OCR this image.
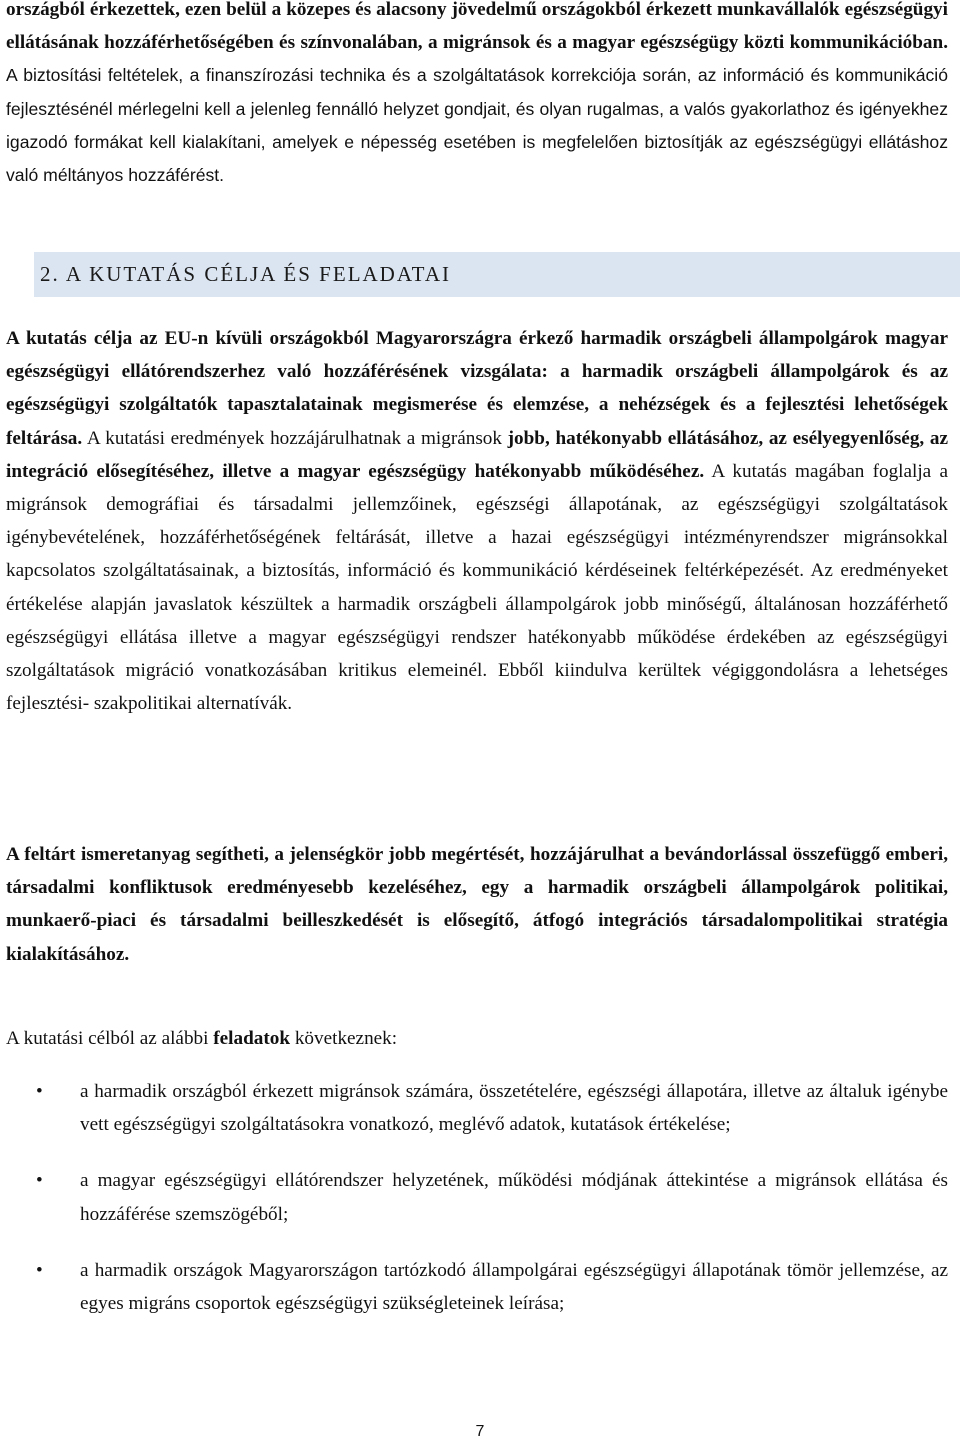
országból érkezettek, ezen belül a közepes és alacsony jövedelmű országokból érkezett munkavállalók egészségügyi ellátásának hozzáférhetőségében és színvonalában, a migránsok és a magyar egészségügy közti kommunikációban. A biztosítási feltételek, a finanszírozási technika és a szolgáltatások korrekciója során, az információ és kommunikáció fejlesztésénél mérlegelni kell a jelenleg fennálló helyzet gondjait, és olyan rugalmas, a valós gyakorlathoz és igényekhez igazodó formákat kell kialakítani, amelyek e népesség esetében is megfelelően biztosítják az egészségügyi ellátáshoz való méltányos hozzáférést.

2. A KUTATÁS CÉLJA ÉS FELADATAI

A kutatás célja az EU-n kívüli országokból Magyarországra érkező harmadik országbeli állampolgárok magyar egészségügyi ellátórendszerhez való hozzáférésének vizsgálata: a harmadik országbeli állampolgárok és az egészségügyi szolgáltatók tapasztalatainak megismerése és elemzése, a nehézségek és a fejlesztési lehetőségek feltárása. A kutatási eredmények hozzájárulhatnak a migránsok jobb, hatékonyabb ellátásához, az esélyegyenlőség, az integráció elősegítéséhez, illetve a magyar egészségügy hatékonyabb működéséhez. A kutatás magában foglalja a migránsok demográfiai és társadalmi jellemzőinek, egészségi állapotának, az egészségügyi szolgáltatások igénybevételének, hozzáférhetőségének feltárását, illetve a hazai egészségügyi intézményrendszer migránsokkal kapcsolatos szolgáltatásainak, a biztosítás, információ és kommunikáció kérdéseinek feltérképezését. Az eredményeket értékelése alapján javaslatok készültek a harmadik országbeli állampolgárok jobb minőségű, általánosan hozzáférhető egészségügyi ellátása illetve a magyar egészségügyi rendszer hatékonyabb működése érdekében az egészségügyi szolgáltatások migráció vonatkozásában kritikus elemeinél. Ebből kiindulva kerültek végiggondolásra a lehetséges fejlesztési- szakpolitikai alternatívák.

A feltárt ismeretanyag segítheti, a jelenségkör jobb megértését, hozzájárulhat a bevándorlással összefüggő emberi, társadalmi konfliktusok eredményesebb kezeléséhez, egy a harmadik országbeli állampolgárok politikai, munkaerő-piaci és társadalmi beilleszkedését is elősegítő, átfogó integrációs társadalompolitikai stratégia kialakításához.

A kutatási célból az alábbi feladatok következnek:

• a harmadik országból érkezett migránsok számára, összetételére, egészségi állapotára, illetve az általuk igénybe vett egészségügyi szolgáltatásokra vonatkozó, meglévő adatok, kutatások értékelése;
• a magyar egészségügyi ellátórendszer helyzetének, működési módjának áttekintése a migránsok ellátása és hozzáférése szemszögéből;
• a harmadik országok Magyarországon tartózkodó állampolgárai egészségügyi állapotának tömör jellemzése, az egyes migráns csoportok egészségügyi szükségleteinek leírása;
7
